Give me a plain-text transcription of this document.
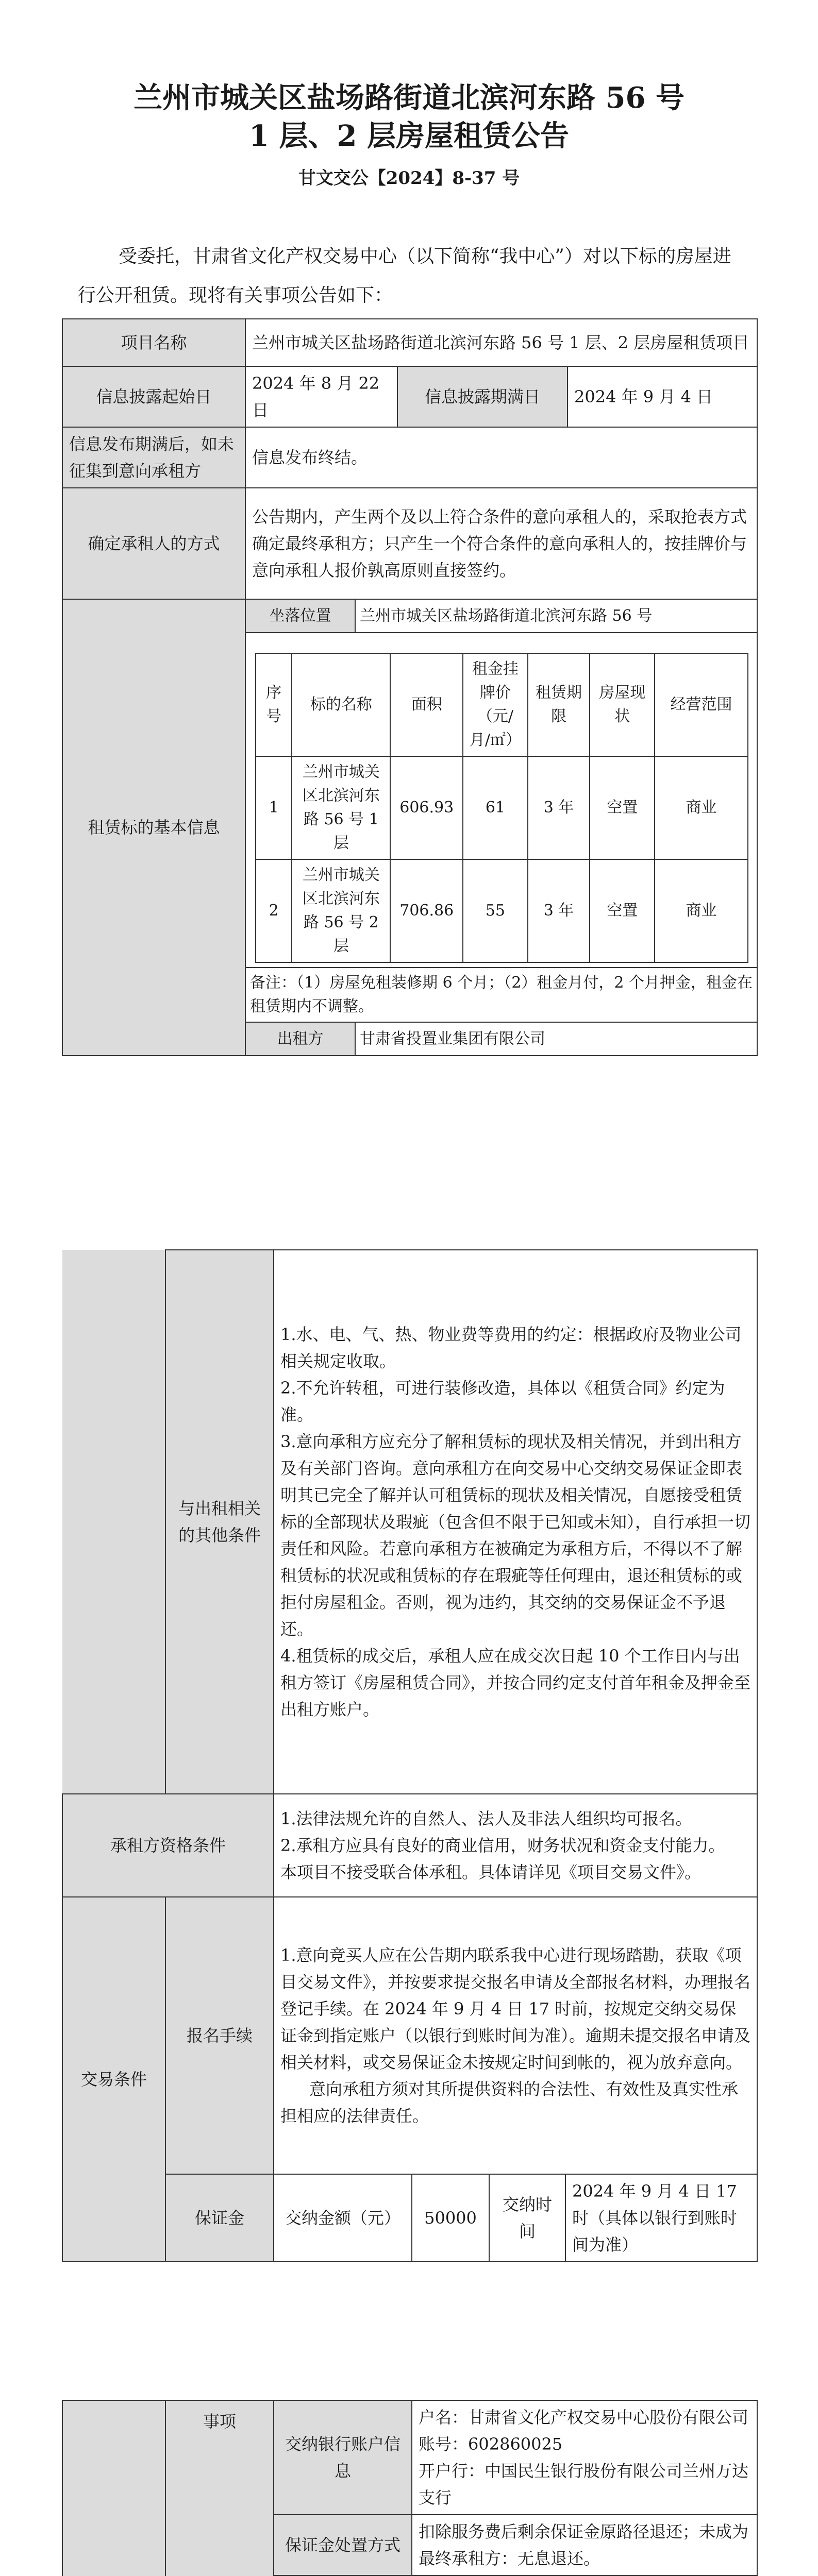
兰州市城关区盐场路街道北滨河东路 56 号
1 层、2 层房屋租赁公告

甘文交公【2024】8-37 号

受委托，甘肃省文化产权交易中心（以下简称“我中心”）对以下标的房屋进行公开租赁。现将有关事项公告如下：

项目名称	兰州市城关区盐场路街道北滨河东路 56 号 1 层、2 层房屋租赁项目
信息披露起始日	2024 年 8 月 22 日	信息披露期满日	2024 年 9 月 4 日
信息发布期满后，如未征集到意向承租方	信息发布终结。
确定承租人的方式	公告期内，产生两个及以上符合条件的意向承租人的，采取抢表方式确定最终承租方；只产生一个符合条件的意向承租人的，按挂牌价与意向承租人报价孰高原则直接签约。
租赁标的基本信息	
坐落位置	兰州市城关区盐场路街道北滨河东路 56 号

序号	标的名称	面积	租金挂牌价（元/月/㎡）	租赁期限	房屋现状	经营范围
1	兰州市城关区北滨河东路 56 号 1 层	606.93	61	3 年	空置	商业
2	兰州市城关区北滨河东路 56 号 2 层	706.86	55	3 年	空置	商业

备注：（1）房屋免租装修期 6 个月；（2）租金月付，2 个月押金，租金在租赁期内不调整。
出租方	甘肃省投置业集团有限公司
	与出租相关的其他条件	1.水、电、气、热、物业费等费用的约定：根据政府及物业公司相关规定收取。
2.不允许转租，可进行装修改造，具体以《租赁合同》约定为准。
3.意向承租方应充分了解租赁标的现状及相关情况，并到出租方及有关部门咨询。意向承租方在向交易中心交纳交易保证金即表明其已完全了解并认可租赁标的现状及相关情况，自愿接受租赁标的全部现状及瑕疵（包含但不限于已知或未知），自行承担一切责任和风险。若意向承租方在被确定为承租方后，不得以不了解租赁标的状况或租赁标的存在瑕疵等任何理由，退还租赁标的或拒付房屋租金。否则，视为违约，其交纳的交易保证金不予退还。
4.租赁标的成交后，承租人应在成交次日起 10 个工作日内与出租方签订《房屋租赁合同》，并按合同约定支付首年租金及押金至出租方账户。			

承租方资格条件		1.法律法规允许的自然人、法人及非法人组织均可报名。
2.承租方应具有良好的商业信用，财务状况和资金支付能力。
本项目不接受联合体承租。具体请详见《项目交易文件》。			

交易条件	报名手续	1.意向竞买人应在公告期内联系我中心进行现场踏勘，获取《项目交易文件》，并按要求提交报名申请及全部报名材料，办理报名登记手续。在 2024 年 9 月 4 日 17 时前，按规定交纳交易保证金到指定账户（以银行到账时间为准）。逾期未提交报名申请及相关材料，或交易保证金未按规定时间到帐的，视为放弃意向。
意向承租方须对其所提供资料的合法性、有效性及真实性承担相应的法律责任。			

	保证金	交纳金额（元）	50000	交纳时间	2024 年 9 月 4 日 17 时（具体以银行到账时间为准）
	事项	交纳银行账户信息	户名：甘肃省文化产权交易中心股份有限公司
账号：602860025
开户行：中国民生银行股份有限公司兰州万达支行

		保证金处置方式	扣除服务费后剩余保证金原路径退还；未成为最终承租方：无息退还。
